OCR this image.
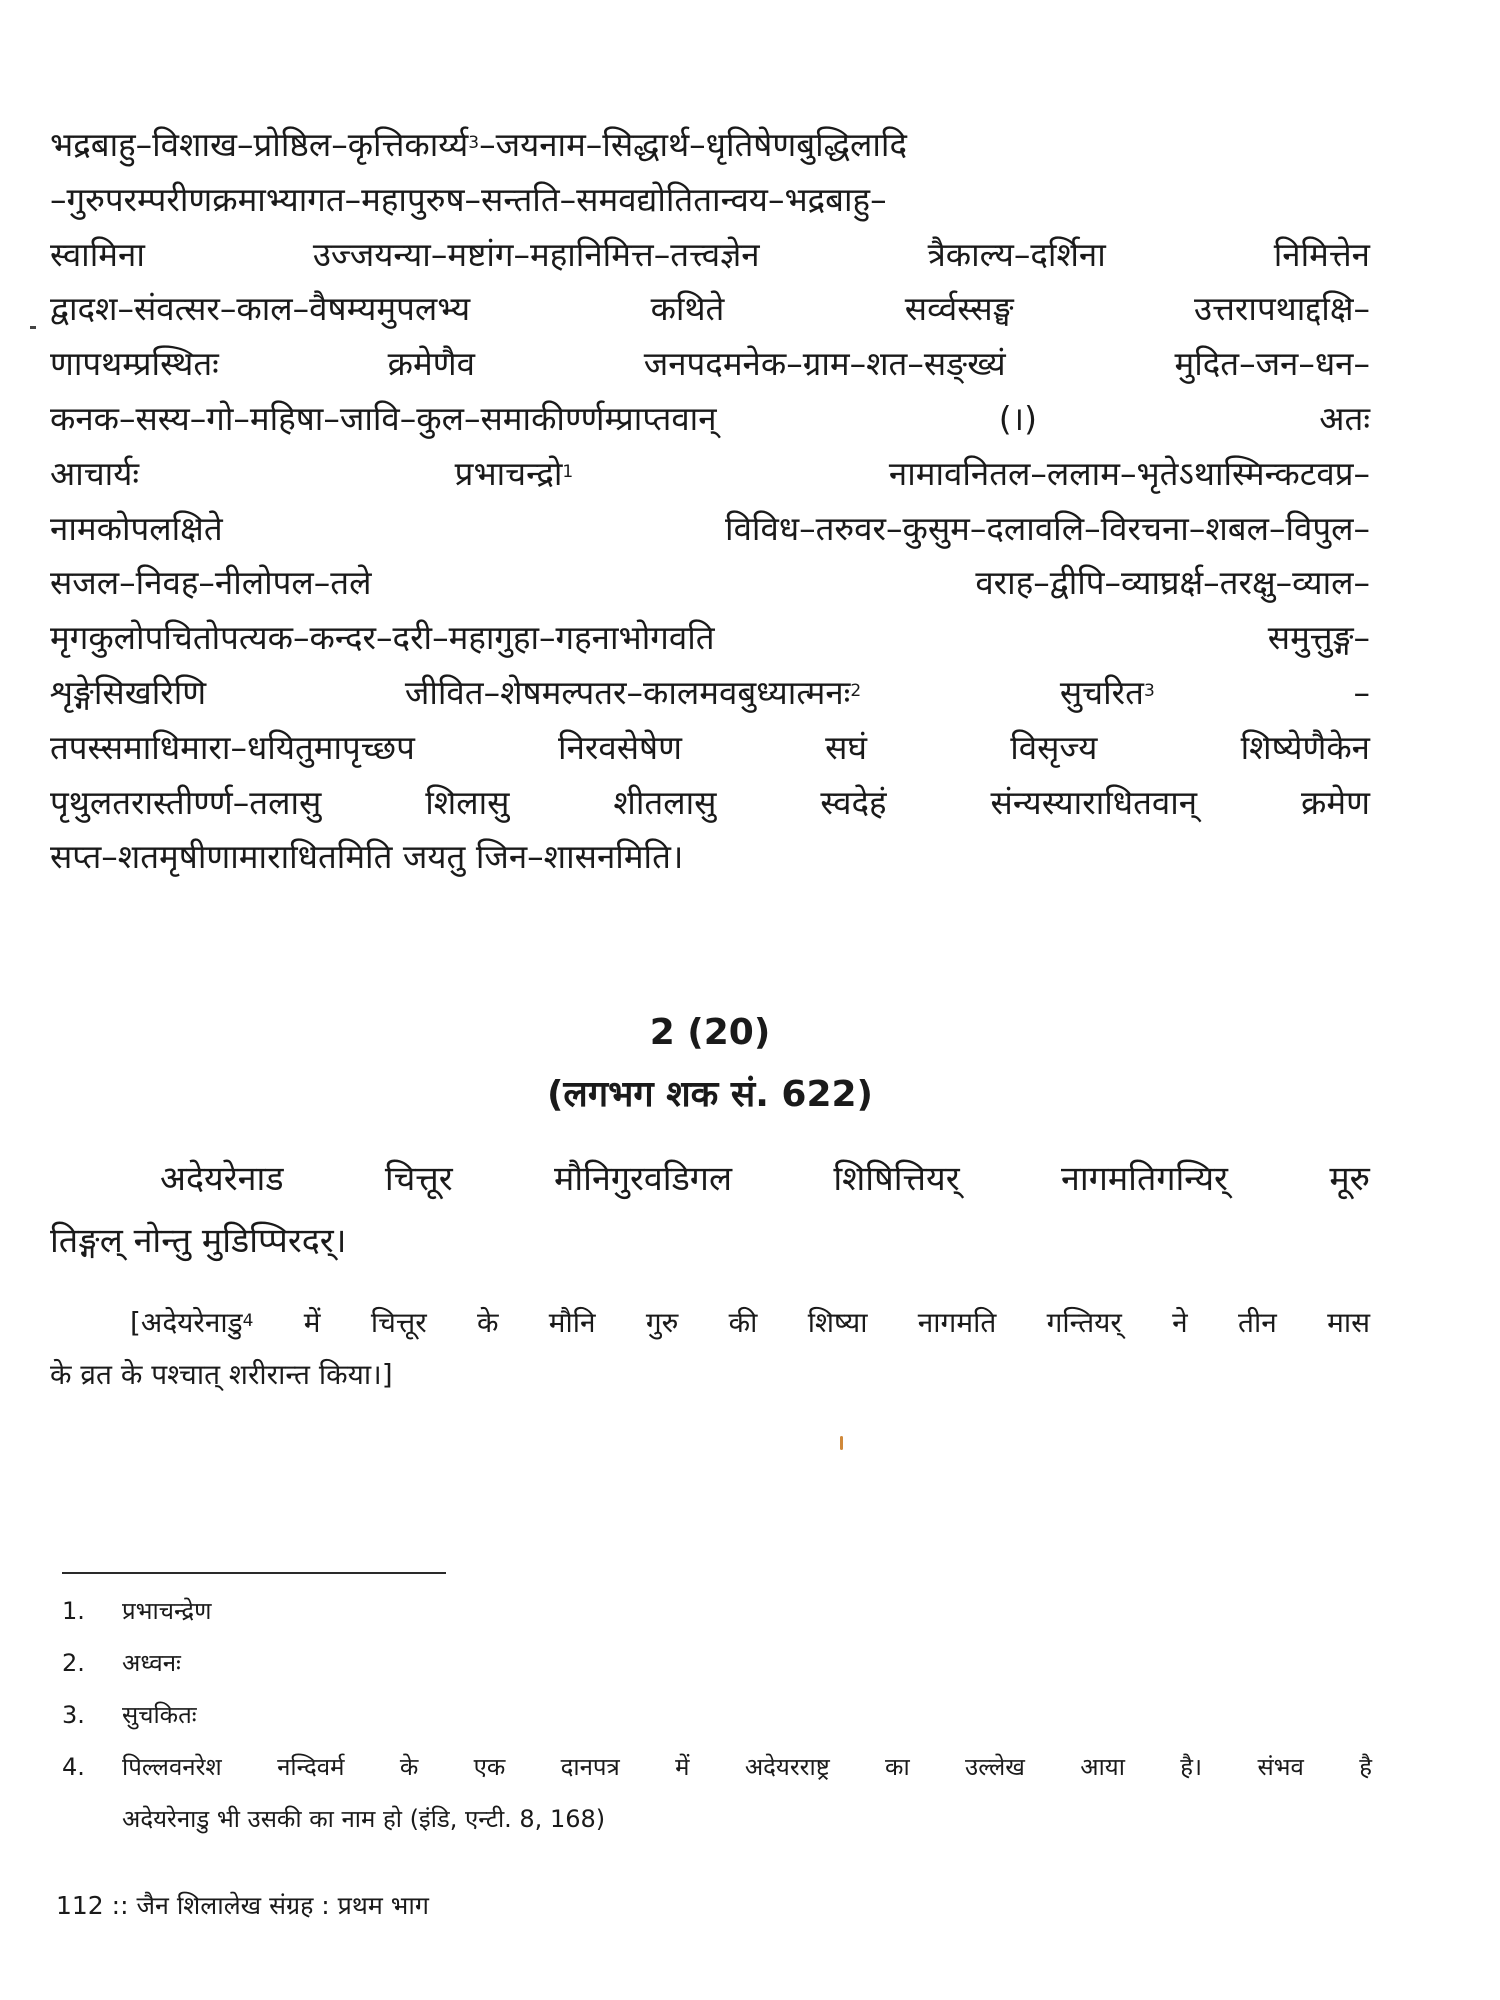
भद्रबाहु–विशाख–प्रोष्ठिल–कृत्तिकार्य्य$^3$–जयनाम–सिद्धार्थ–धृतिषेणबुद्धिलादि
–गुरुपरम्परीणक्रमाभ्यागत–महापुरुष–सन्तति–समवद्योतितान्वय–भद्रबाहु–
स्वामिना उज्जयन्या–मष्टांग–महानिमित्त–तत्त्वज्ञेन त्रैकाल्य–दर्शिना निमित्तेन
द्वादश–संवत्सर–काल–वैषम्यमुपलभ्य कथिते सर्व्वस्सङ्घ उत्तरापथाद्दक्षि–
णापथम्प्रस्थितः क्रमेणैव जनपदमनेक–ग्राम–शत–सङ्ख्यं मुदित–जन–धन–
कनक–सस्य–गो–महिषा–जावि–कुल–समाकीर्ण्णम्प्राप्तवान् (।) अतः
आचार्यः प्रभाचन्द्रो$^1$	नामावनितल–ललाम–भृतेऽथास्मिन्कटवप्र–
नामकोपलक्षिते विविध–तरुवर–कुसुम–दलावलि–विरचना–शबल–विपुल–
सजल–निवह–नीलोपल–तले वराह–द्वीपि–व्याघ्रर्क्ष–तरक्षु–व्याल–
मृगकुलोपचितोपत्यक–कन्दर–दरी–महागुहा–गहनाभोगवति समुत्तुङ्ग–
शृङ्गेसिखरिणि जीवित–शेषमल्पतर–कालमवबुध्यात्मनः$^2$	सुचरित$^3$	–
तपस्समाधिमारा–धयितुमापृच्छप निरवसेषेण सघं विसृज्य शिष्येणैकेन
पृथुलतरास्तीर्ण्ण–तलासु शिलासु शीतलासु स्वदेहं संन्यस्याराधितवान् क्रमेण
सप्त–शतमृषीणामाराधितमिति जयतु जिन–शासनमिति।
2 (20)
(लगभग शक सं. 622)
अदेयरेनाड चित्तूर मौनिगुरवडिगल शिषित्तियर् नागमतिगन्यिर् मूरु
तिङ्गल् नोन्तु मुडिप्पिरदर्।
[अदेयरेनाडु$^4$ में चित्तूर के मौनि गुरु की शिष्या नागमति गन्तियर् ने तीन मास
के व्रत के पश्चात् शरीरान्त किया।]
1.	प्रभाचन्द्रेण
2.	अध्वनः
3.	सुचकितः
4.	पिल्लवनरेश नन्दिवर्म के एक दानपत्र में अदेयरराष्ट्र का उल्लेख आया है। संभव है
अदेयरेनाडु भी उसकी का नाम हो (इंडि, एन्टी. 8, 168)
112 :: जैन शिलालेख संग्रह : प्रथम भाग
